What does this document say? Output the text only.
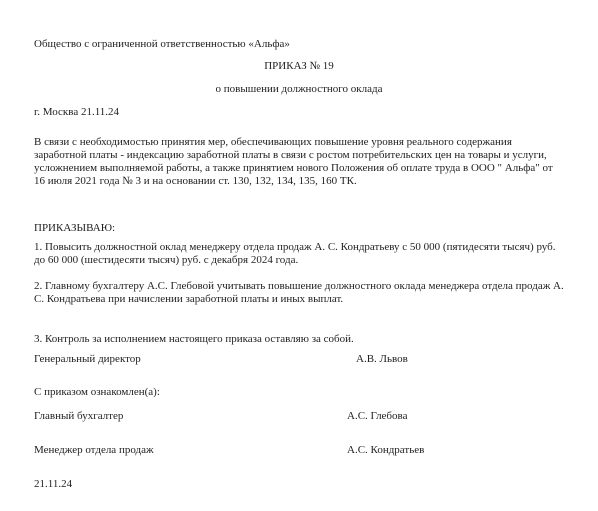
Общество с ограниченной ответственностью «Альфа»
ПРИКАЗ № 19
о повышении должностного оклада
г. Москва 21.11.24
В связи с необходимостью принятия мер, обеспечивающих повышение уровня реального содержания заработной платы - индексацию заработной платы в связи с ростом потребительских цен на товары и услуги, усложнением выполняемой работы, а также принятием нового Положения об оплате труда в ООО " Альфа" от 16 июля 2021 года № 3 и на основании ст. 130, 132, 134, 135, 160 ТК.
ПРИКАЗЫВАЮ:
1. Повысить должностной оклад менеджеру отдела продаж А. С. Кондратьеву с 50 000 (пятидесяти тысяч) руб. до 60 000 (шестидесяти тысяч) руб. с декабря 2024 года.
2. Главному бухгалтеру А.С. Глебовой учитывать повышение должностного оклада менеджера отдела продаж А. С. Кондратьева при начислении заработной платы и иных выплат.
3. Контроль за исполнением настоящего приказа оставляю за собой.
Генеральный директор	А.В. Львов
С приказом ознакомлен(а):
Главный бухгалтер	А.С. Глебова
Менеджер отдела продаж	А.С. Кондратьев
21.11.24
